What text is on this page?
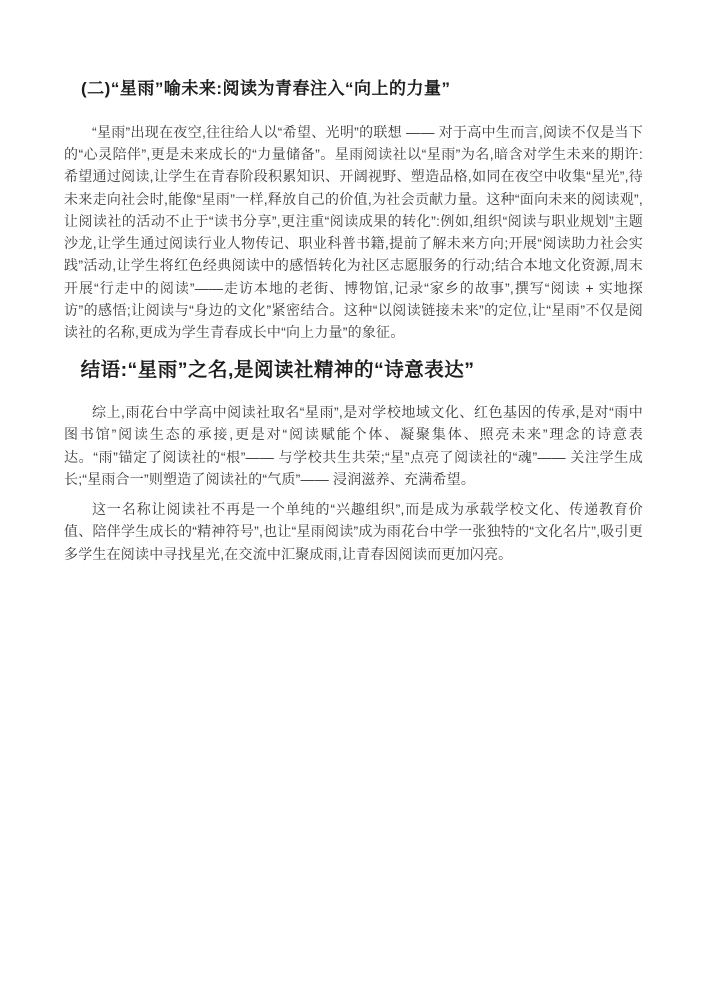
(二)“星雨”喻未来:阅读为青春注入“向上的力量”

“星雨”出现在夜空,往往给人以“希望、光明”的联想 —— 对于高中生而言,阅读不仅是当下的“心灵陪伴”,更是未来成长的“力量储备”。星雨阅读社以“星雨”为名,暗含对学生未来的期许:希望通过阅读,让学生在青春阶段积累知识、开阔视野、塑造品格,如同在夜空中收集“星光”,待未来走向社会时,能像“星雨”一样,释放自己的价值,为社会贡献力量。这种“面向未来的阅读观”,让阅读社的活动不止于“读书分享”,更注重“阅读成果的转化”:例如,组织“阅读与职业规划”主题沙龙,让学生通过阅读行业人物传记、职业科普书籍,提前了解未来方向;开展“阅读助力社会实践”活动,让学生将红色经典阅读中的感悟转化为社区志愿服务的行动;结合本地文化资源,周末开展“行走中的阅读”——走访本地的老街、博物馆,记录“家乡的故事”,撰写“阅读 + 实地探访”的感悟;让阅读与“身边的文化”紧密结合。这种“以阅读链接未来”的定位,让“星雨”不仅是阅读社的名称,更成为学生青春成长中“向上力量”的象征。

结语:“星雨”之名,是阅读社精神的“诗意表达”

综上,雨花台中学高中阅读社取名“星雨”,是对学校地域文化、红色基因的传承,是对“雨中图书馆”阅读生态的承接,更是对“阅读赋能个体、凝聚集体、照亮未来”理念的诗意表达。“雨”锚定了阅读社的“根”—— 与学校共生共荣;“星”点亮了阅读社的“魂”—— 关注学生成长;“星雨合一”则塑造了阅读社的“气质”—— 浸润滋养、充满希望。

这一名称让阅读社不再是一个单纯的“兴趣组织”,而是成为承载学校文化、传递教育价值、陪伴学生成长的“精神符号”,也让“星雨阅读”成为雨花台中学一张独特的“文化名片”,吸引更多学生在阅读中寻找星光,在交流中汇聚成雨,让青春因阅读而更加闪亮。
